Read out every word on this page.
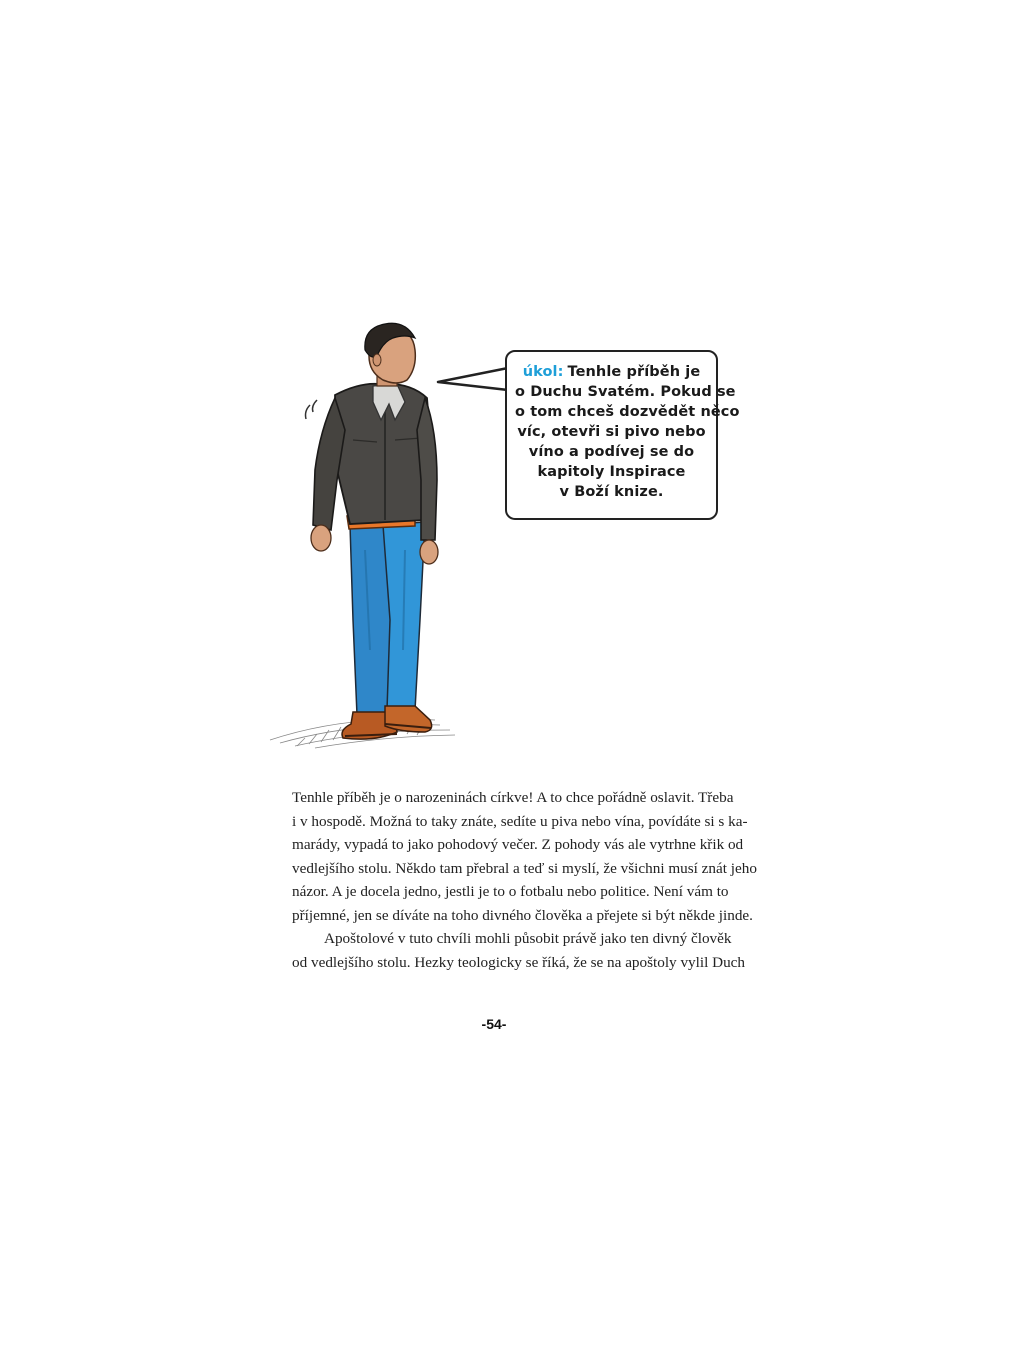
úkol: Tenhle příběh je
o Duchu Svatém. Pokud se
o tom chceš dozvědět něco
víc, otevři si pivo nebo
víno a podívej se do
kapitoly Inspirace
v Boží knize.
Tenhle příběh je o narozeninách církve! A to chce pořádně oslavit. Třeba
i v hospodě. Možná to taky znáte, sedíte u piva nebo vína, povídáte si s ka-
marády, vypadá to jako pohodový večer. Z pohody vás ale vytrhne křik od
vedlejšího stolu. Někdo tam přebral a teď si myslí, že všichni musí znát jeho
názor. A je docela jedno, jestli je to o fotbalu nebo politice. Není vám to
příjemné, jen se díváte na toho divného člověka a přejete si být někde jinde.
Apoštolové v tuto chvíli mohli působit právě jako ten divný člověk
od vedlejšího stolu. Hezky teologicky se říká, že se na apoštoly vylil Duch
-54-
